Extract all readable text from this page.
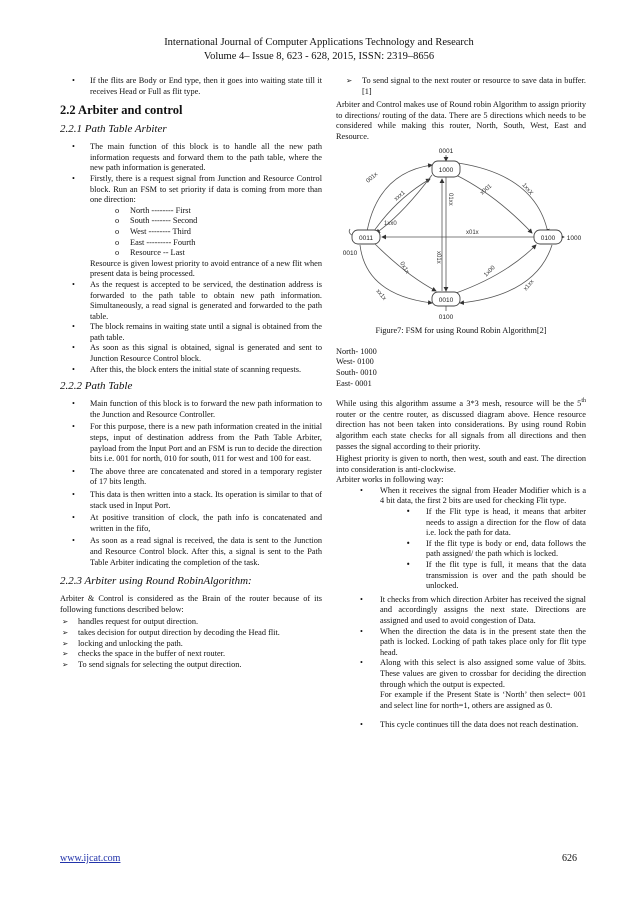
International Journal of Computer Applications Technology and Research
Volume 4– Issue 8, 623 - 628, 2015, ISSN: 2319–8656
• If the flits are Body or End type, then it goes into waiting state till it receives Head or Full as flit type.
2.2 Arbiter and control
2.2.1 Path Table Arbiter
• The main function of this block is to handle all the new path information requests and forward them to the path table, where the new path information is generated.
• Firstly, there is a request signal from Junction and Resource Control block. Run an FSM to set priority if data is coming from more than one direction:
o North -------- First
o South ------- Second
o West -------- Third
o East --------- Fourth
o Resource -- Last
Resource is given lowest priority to avoid entrance of a new flit when present data is being processed.
• As the request is accepted to be serviced, the destination address is forwarded to the path table to obtain new path information. Simultaneously, a read signal is generated and forwarded to the path table.
• The block remains in waiting state until a signal is obtained from the path table.
• As soon as this signal is obtained, signal is generated and sent to Junction Resource Control block.
• After this, the block enters the initial state of scanning requests.
2.2.2 Path Table
• Main function of this block is to forward the new path information to the Junction and Resource Controller.
• For this purpose, there is a new path information created in the initial steps, input of destination address from the Path Table Arbiter, payload from the Input Port and an FSM is run to decide the direction bits i.e. 001 for north, 010 for south, 011 for west and 100 for east.
• The above three are concatenated and stored in a temporary register of 17 bits length.
• This data is then written into a stack. Its operation is similar to that of stack used in Input Port.
• At positive transition of clock, the path info is concatenated and written in the fifo,
• As soon as a read signal is received, the data is sent to the Junction and Resource Control block. After this, a signal is sent to the Path Table Arbiter indicating the completion of the task.
2.2.3 Arbiter using Round RobinAlgorithm:

Arbiter & Control is considered as the Brain of the router because of its following functions described below:

➢ handles request for output direction.
➢ takes decision for output direction by decoding the Head flit.
➢ locking and unlocking the path.
➢ checks the space in the buffer of next router.
➢ To send signals for selecting the output direction.
➢ To send signal to the next router or resource to save data in buffer. [1]

Arbiter and Control makes use of Round robin Algorithm to assign priority to directions/ routing of the data. There are 5 directions which needs to be considered while making this router, North, South, West, East and Resource.

001x
xxx1	01xx
x001	1xxX
1xx0
x01x
0x1x
x01x
1x00
xx1x
x1xx
0001
1000
0011	0100
0010
0010
1000
0100
Figure7: FSM for using Round Robin Algorithm[2]
North- 1000
West- 0100
South- 0010
East- 0001

While using this algorithm assume a 3*3 mesh, resource will be the 5th router or the centre router, as discussed diagram above. Hence resource direction has not been taken into considerations. By using round Robin algorithm each state checks for all signals from all directions and then passes the signal according to their priority.

Highest priority is given to north, then west, south and east. The direction into consideration is anti-clockwise.

Arbiter works in following way:

• When it receives the signal from Header Modifier which is a 4 bit data, the first 2 bits are used for checking Flit type.
• If the Flit type is head, it means that arbiter needs to assign a direction for the flow of data i.e. lock the path for data.
• If the flit type is body or end, data follows the path assigned/ the path which is locked.
• If the flit type is full, it means that the data transmission is over and the path should be unlocked.
• It checks from which direction Arbiter has received the signal and accordingly assigns the next state. Directions are assigned and used to avoid congestion of Data.
• When the direction the data is in the present state then the path is locked. Locking of path takes place only for flit type head.
• Along with this select is also assigned some value of 3bits. These values are given to crossbar for deciding the direction through which the output is expected.
For example if the Present State is ‘North’ then select= 001 and select line for north=1, others are assigned as 0.
• This cycle continues till the data does not reach destination.
www.ijcat.com	626
